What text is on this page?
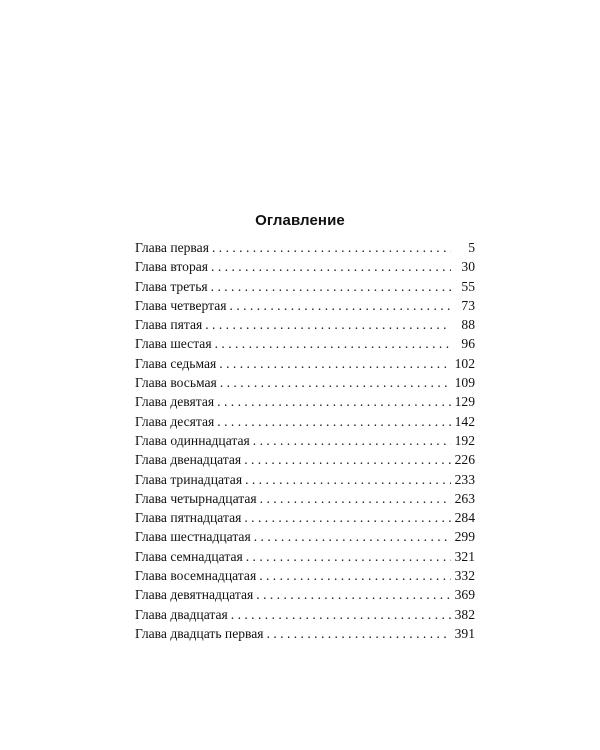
Оглавление
Глава первая . . .	5
Глава вторая . . .	30
Глава третья . . .	55
Глава четвертая . . .	73
Глава пятая . . .	88
Глава шестая . . .	96
Глава седьмая . . .	102
Глава восьмая . . .	109
Глава девятая . . .	129
Глава десятая . . .	142
Глава одиннадцатая . . .	192
Глава двенадцатая . . .	226
Глава тринадцатая . . .	233
Глава четырнадцатая . . .	263
Глава пятнадцатая . . .	284
Глава шестнадцатая . . .	299
Глава семнадцатая . . .	321
Глава восемнадцатая . . .	332
Глава девятнадцатая . . .	369
Глава двадцатая . . .	382
Глава двадцать первая . . .	391
